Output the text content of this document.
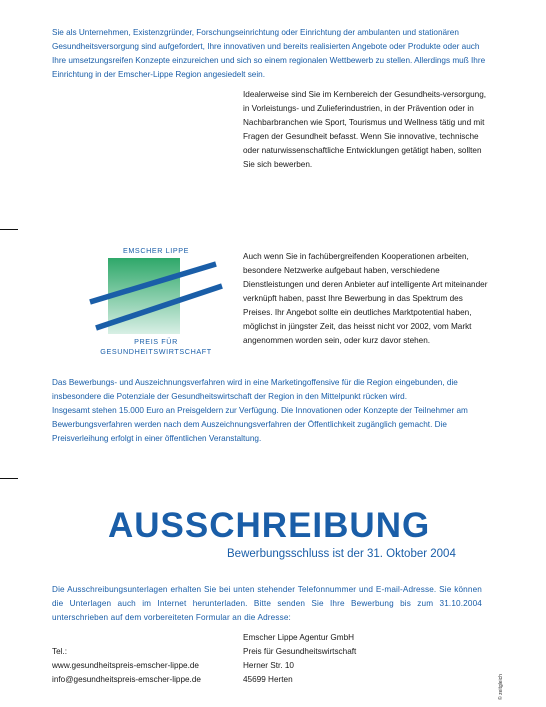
Sie als Unternehmen, Existenzgründer, Forschungseinrichtung oder Einrichtung der ambulanten und stationären Gesundheitsversorgung sind aufgefordert, Ihre innovativen und bereits realisierten Angebote oder Produkte oder auch Ihre umsetzungsreifen Konzepte einzureichen und sich so einem regionalen Wettbewerb zu stellen. Allerdings muß Ihre Einrichtung in der Emscher-Lippe Region angesiedelt sein.

Idealerweise sind Sie im Kernbereich der Gesundheits-versorgung, in Vorleistungs- und Zulieferindustrien, in der Prävention oder in Nachbarbranchen wie Sport, Tourismus und Wellness tätig und mit Fragen der Gesundheit befasst. Wenn Sie innovative, technische oder naturwissenschaftliche Entwicklungen getätigt haben, sollten Sie sich bewerben.

EMSCHER LIPPE
PREIS FÜR
GESUNDHEITSWIRTSCHAFT

Auch wenn Sie in fachübergreifenden Kooperationen arbeiten, besondere Netzwerke aufgebaut haben, verschiedene Dienstleistungen und deren Anbieter auf intelligente Art miteinander verknüpft haben, passt Ihre Bewerbung in das Spektrum des Preises. Ihr Angebot sollte ein deutliches Marktpotential haben, möglichst in jüngster Zeit, das heisst nicht vor 2002, vom Markt angenommen worden sein, oder kurz davor stehen.

Das Bewerbungs- und Auszeichnungsverfahren wird in eine Marketingoffensive für die Region eingebunden, die insbesondere die Potenziale der Gesundheitswirtschaft der Region in den Mittelpunkt rücken wird.

Insgesamt stehen 15.000 Euro an Preisgeldern zur Verfügung. Die Innovationen oder Konzepte der Teilnehmer am Bewerbungsverfahren werden nach dem Auszeichnungsverfahren der Öffentlichkeit zugänglich gemacht. Die Preisverleihung erfolgt in einer öffentlichen Veranstaltung.

AUSSCHREIBUNG
Bewerbungsschluss ist der 31. Oktober 2004

Die Ausschreibungsunterlagen erhalten Sie bei unten stehender Telefonnummer und E-mail-Adresse. Sie können die Unterlagen auch im Internet herunterladen. Bitte senden Sie Ihre Bewerbung bis zum 31.10.2004 unterschrieben auf dem vorbereiteten Formular an die Adresse:

Tel.:
www.gesundheitspreis-emscher-lippe.de
info@gesundheitspreis-emscher-lippe.de
Emscher Lippe Agentur GmbH
Preis für Gesundheitswirtschaft
Herner Str. 10
45699 Herten	© zeitgleich
